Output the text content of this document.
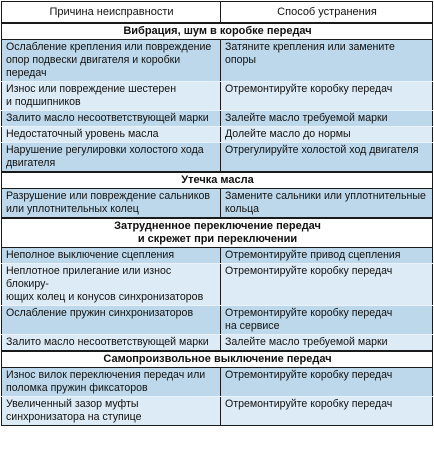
Причина неисправности	Способ устранения
Вибрация, шум в коробке передач	
Ослабление крепления или повреждение
опор подвески двигателя и коробки
передач	Затяните крепления или замените
опоры
Износ или повреждение шестерен
и подшипников	Отремонтируйте коробку передач
Залито масло несоответствующей марки	Залейте масло требуемой марки
Недостаточный уровень масла	Долейте масло до нормы
Нарушение регулировки холостого хода
двигателя	Отрегулируйте холостой ход двигателя
Утечка масла	
Разрушение или повреждение сальников
или уплотнительных колец	Замените сальники или уплотнительные
кольца
Затрудненное переключение передач
и скрежет при переключении	
Неполное выключение сцепления	Отремонтируйте привод сцепления
Неплотное прилегание или износ блокиру-
ющих колец и конусов синхронизаторов	Отремонтируйте коробку передач
Ослабление пружин синхронизаторов	Отремонтируйте коробку передач
на сервисе
Залито масло несоответствующей марки	Залейте масло требуемой марки
Самопроизвольное выключение передач	
Износ вилок переключения передач или
поломка пружин фиксаторов	Отремонтируйте коробку передач
Увеличенный зазор муфты
синхронизатора на ступице	Отремонтируйте коробку передач
